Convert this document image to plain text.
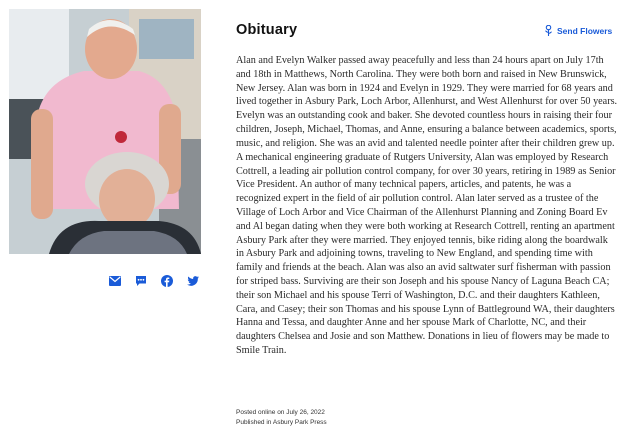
Obituary	Send Flowers

Alan and Evelyn Walker passed away peacefully and less than 24 hours apart on July 17th and 18th in Matthews, North Carolina. They were both born and raised in New Brunswick, New Jersey. Alan was born in 1924 and Evelyn in 1929. They were married for 68 years and lived together in Asbury Park, Loch Arbor, Allenhurst, and West Allenhurst for over 50 years. Evelyn was an outstanding cook and baker. She devoted countless hours in raising their four children, Joseph, Michael, Thomas, and Anne, ensuring a balance between academics, sports, music, and religion. She was an avid and talented needle pointer after their children grew up. A mechanical engineering graduate of Rutgers University, Alan was employed by Research Cottrell, a leading air pollution control company, for over 30 years, retiring in 1989 as Senior Vice President. An author of many technical papers, articles, and patents, he was a recognized expert in the field of air pollution control. Alan later served as a trustee of the Village of Loch Arbor and Vice Chairman of the Allenhurst Planning and Zoning Board Ev and Al began dating when they were both working at Research Cottrell, renting an apartment Asbury Park after they were married. They enjoyed tennis, bike riding along the boardwalk in Asbury Park and adjoining towns, traveling to New England, and spending time with family and friends at the beach. Alan was also an avid saltwater surf fisherman with passion for striped bass. Surviving are their son Joseph and his spouse Nancy of Laguna Beach CA; their son Michael and his spouse Terri of Washington, D.C. and their daughters Kathleen, Cara, and Casey; their son Thomas and his spouse Lynn of Battleground WA, their daughters Hanna and Tessa, and daughter Anne and her spouse Mark of Charlotte, NC, and their daughters Chelsea and Josie and son Matthew. Donations in lieu of flowers may be made to Smile Train.

Posted online on July 26, 2022
Published in Asbury Park Press
